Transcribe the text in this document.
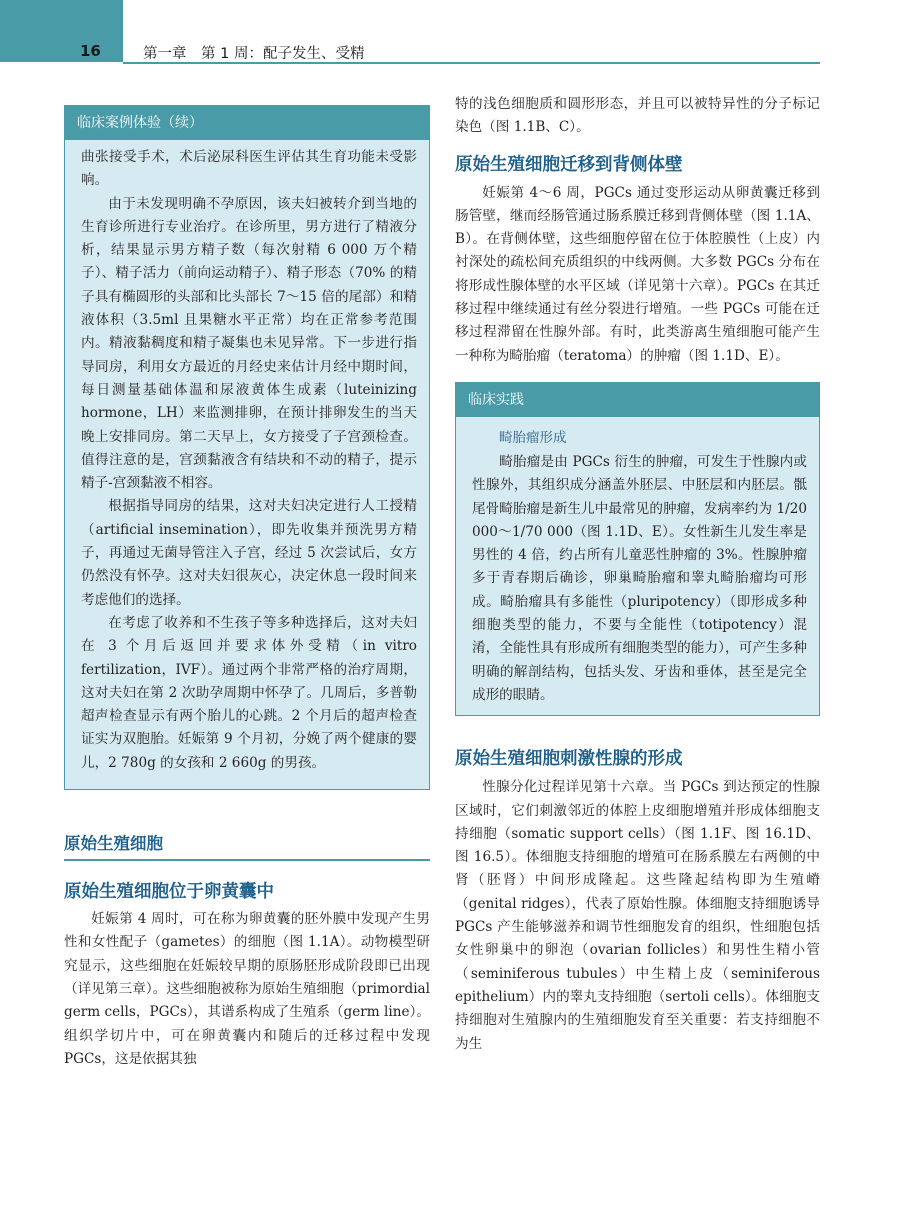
16	第一章　第 1 周：配子发生、受精
临床案例体验（续）

曲张接受手术，术后泌尿科医生评估其生育功能未受影响。

由于未发现明确不孕原因，该夫妇被转介到当地的生育诊所进行专业治疗。在诊所里，男方进行了精液分析，结果显示男方精子数（每次射精 6 000 万个精子）、精子活力（前向运动精子）、精子形态（70% 的精子具有椭圆形的头部和比头部长 7～15 倍的尾部）和精液体积（3.5ml 且果糖水平正常）均在正常参考范围内。精液黏稠度和精子凝集也未见异常。下一步进行指导同房，利用女方最近的月经史来估计月经中期时间，每日测量基础体温和尿液黄体生成素（luteinizing hormone，LH）来监测排卵，在预计排卵发生的当天晚上安排同房。第二天早上，女方接受了子宫颈检查。值得注意的是，宫颈黏液含有结块和不动的精子，提示精子-宫颈黏液不相容。

根据指导同房的结果，这对夫妇决定进行人工授精（artificial insemination），即先收集并预洗男方精子，再通过无菌导管注入子宫，经过 5 次尝试后，女方仍然没有怀孕。这对夫妇很灰心，决定休息一段时间来考虑他们的选择。

在考虑了收养和不生孩子等多种选择后，这对夫妇在 3 个月后返回并要求体外受精（in vitro fertilization，IVF）。通过两个非常严格的治疗周期，这对夫妇在第 2 次助孕周期中怀孕了。几周后，多普勒超声检查显示有两个胎儿的心跳。2 个月后的超声检查证实为双胞胎。妊娠第 9 个月初，分娩了两个健康的婴儿，2 780g 的女孩和 2 660g 的男孩。

原始生殖细胞
原始生殖细胞位于卵黄囊中

妊娠第 4 周时，可在称为卵黄囊的胚外膜中发现产生男性和女性配子（gametes）的细胞（图 1.1A）。动物模型研究显示，这些细胞在妊娠较早期的原肠胚形成阶段即已出现（详见第三章）。这些细胞被称为原始生殖细胞（primordial germ cells，PGCs），其谱系构成了生殖系（germ line）。组织学切片中，可在卵黄囊内和随后的迁移过程中发现 PGCs，这是依据其独

特的浅色细胞质和圆形形态，并且可以被特异性的分子标记染色（图 1.1B、C）。

原始生殖细胞迁移到背侧体壁

妊娠第 4～6 周，PGCs 通过变形运动从卵黄囊迁移到肠管壁，继而经肠管通过肠系膜迁移到背侧体壁（图 1.1A、B）。在背侧体壁，这些细胞停留在位于体腔膜性（上皮）内衬深处的疏松间充质组织的中线两侧。大多数 PGCs 分布在将形成性腺体壁的水平区域（详见第十六章）。PGCs 在其迁移过程中继续通过有丝分裂进行增殖。一些 PGCs 可能在迁移过程滞留在性腺外部。有时，此类游离生殖细胞可能产生一种称为畸胎瘤（teratoma）的肿瘤（图 1.1D、E）。

临床实践
畸胎瘤形成

畸胎瘤是由 PGCs 衍生的肿瘤，可发生于性腺内或性腺外，其组织成分涵盖外胚层、中胚层和内胚层。骶尾骨畸胎瘤是新生儿中最常见的肿瘤，发病率约为 1/20 000～1/70 000（图 1.1D、E）。女性新生儿发生率是男性的 4 倍，约占所有儿童恶性肿瘤的 3%。性腺肿瘤多于青春期后确诊，卵巢畸胎瘤和睾丸畸胎瘤均可形成。畸胎瘤具有多能性（pluripotency）（即形成多种细胞类型的能力，不要与全能性（totipotency）混淆，全能性具有形成所有细胞类型的能力），可产生多种明确的解剖结构，包括头发、牙齿和垂体，甚至是完全成形的眼睛。

原始生殖细胞刺激性腺的形成

性腺分化过程详见第十六章。当 PGCs 到达预定的性腺区域时，它们刺激邻近的体腔上皮细胞增殖并形成体细胞支持细胞（somatic support cells）（图 1.1F、图 16.1D、图 16.5）。体细胞支持细胞的增殖可在肠系膜左右两侧的中肾（胚肾）中间形成隆起。这些隆起结构即为生殖嵴（genital ridges），代表了原始性腺。体细胞支持细胞诱导 PGCs 产生能够滋养和调节性细胞发育的组织，性细胞包括女性卵巢中的卵泡（ovarian follicles）和男性生精小管（seminiferous tubules）中生精上皮（seminiferous epithelium）内的睾丸支持细胞（sertoli cells）。体细胞支持细胞对生殖腺内的生殖细胞发育至关重要：若支持细胞不为生
